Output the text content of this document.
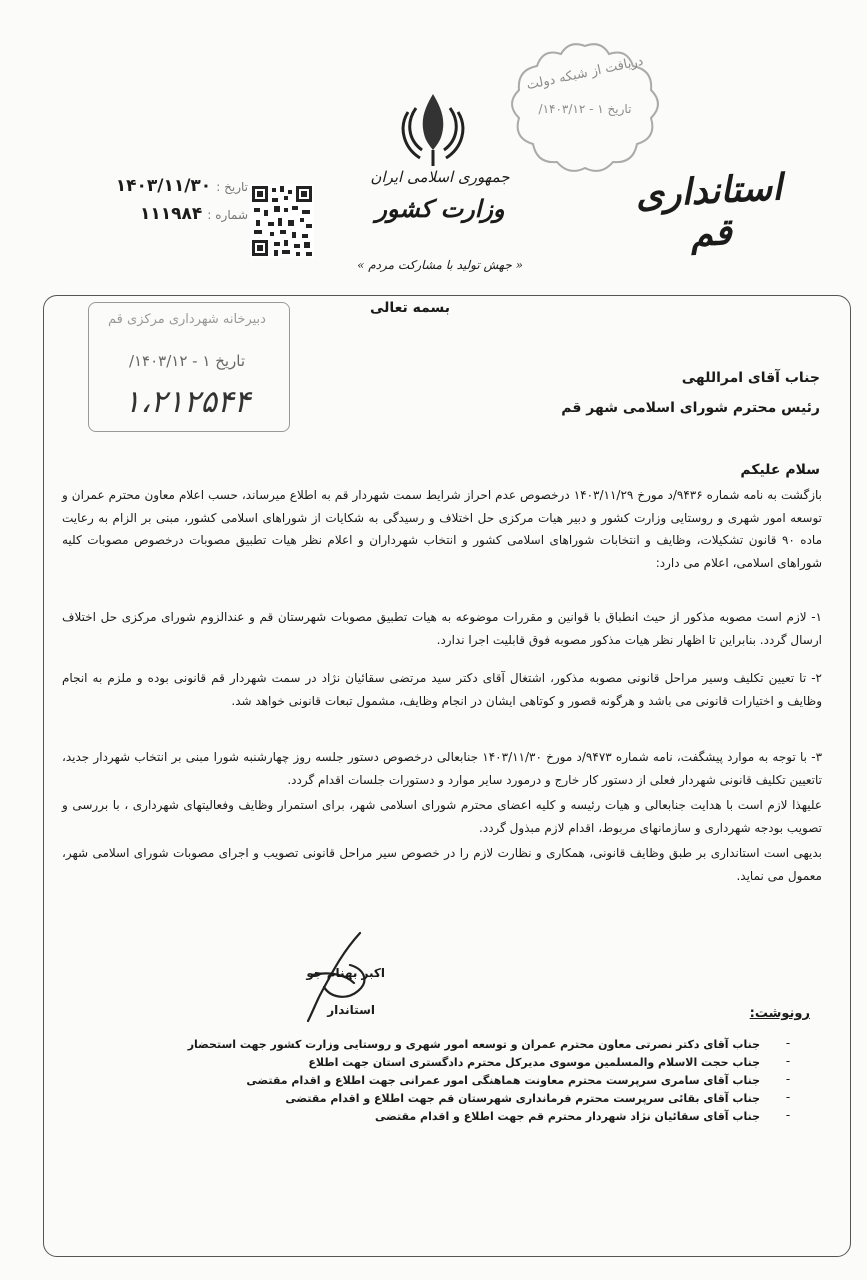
جمهوری اسلامی ایران
وزارت کشور
« جهش تولید با مشارکت مردم »
استانداری قم
دریافت از شبکه دولت
تاریخ ۱ - ۱۴۰۳/۱۲/
تاریخ : ۱۴۰۳/۱۱/۳۰
شماره : ۱۱۱۹۸۴
بسمه تعالی
دبیرخانه شهرداری مرکزی قم
تاریخ ۱ - ۱۴۰۳/۱۲/
۱،۲۱۲۵۴۴
جناب آقای امراللهی
رئیس محترم شورای اسلامی شهر قم
سلام علیکم
بازگشت به نامه شماره ۹۴۳۶/د مورخ ۱۴۰۳/۱۱/۲۹ درخصوص عدم احراز شرایط سمت شهردار قم به اطلاع میرساند، حسب اعلام معاون محترم عمران و توسعه امور شهری و روستایی وزارت کشور و دبیر هیات مرکزی حل اختلاف و رسیدگی به شکایات از شوراهای اسلامی کشور، مبنی بر الزام به رعایت ماده ۹۰ قانون تشکیلات، وظایف و انتخابات شوراهای اسلامی کشور و انتخاب شهرداران و اعلام نظر هیات تطبیق مصوبات درخصوص مصوبات کلیه شوراهای اسلامی، اعلام می دارد:
۱- لازم است مصوبه مذکور از حیث انطباق با قوانین و مقررات موضوعه به هیات تطبیق مصوبات شهرستان قم و عندالزوم شورای مرکزی حل اختلاف ارسال گردد. بنابراین تا اظهار نظر هیات مذکور مصوبه فوق قابلیت اجرا ندارد.
۲- تا تعیین تکلیف وسیر مراحل قانونی مصوبه مذکور، اشتغال آقای دکتر سید مرتضی سقائیان نژاد در سمت شهردار قم قانونی بوده و ملزم به انجام وظایف و اختیارات قانونی می باشد و هرگونه قصور و کوتاهی ایشان در انجام وظایف، مشمول تبعات قانونی خواهد شد.
۳- با توجه به موارد پیشگفت، نامه شماره ۹۴۷۳/د مورخ ۱۴۰۳/۱۱/۳۰ جنابعالی درخصوص دستور جلسه روز چهارشنبه شورا مبنی بر انتخاب شهردار جدید، تاتعیین تکلیف قانونی شهردار فعلی از دستور کار خارج و درمورد سایر موارد و دستورات جلسات اقدام گردد.
علیهذا لازم است با هدایت جنابعالی و هیات رئیسه و کلیه اعضای محترم شورای اسلامی شهر، برای استمرار وظایف وفعالیتهای شهرداری ، با بررسی و تصویب بودجه شهرداری و سازمانهای مربوط، اقدام لازم مبذول گردد.
بدیهی است استانداری بر طبق وظایف قانونی، همکاری و نظارت لازم را در خصوص سیر مراحل قانونی تصویب و اجرای مصوبات شورای اسلامی شهر، معمول می نماید.
اکبر بهنام جو
استاندار	رونوشت:
-
جناب آقای دکتر نصرتی معاون محترم عمران و توسعه امور شهری و روستایی وزارت کشور جهت استحضار
-
جناب حجت الاسلام والمسلمین موسوی مدیرکل محترم دادگستری استان جهت اطلاع
-
جناب آقای سامری سرپرست محترم معاونت هماهنگی امور عمرانی جهت اطلاع و اقدام مقتضی
-
جناب آقای بقائی سرپرست محترم فرمانداری شهرستان قم جهت اطلاع و اقدام مقتضی
-
جناب آقای سقائیان نژاد شهردار محترم قم جهت اطلاع و اقدام مقتضی
